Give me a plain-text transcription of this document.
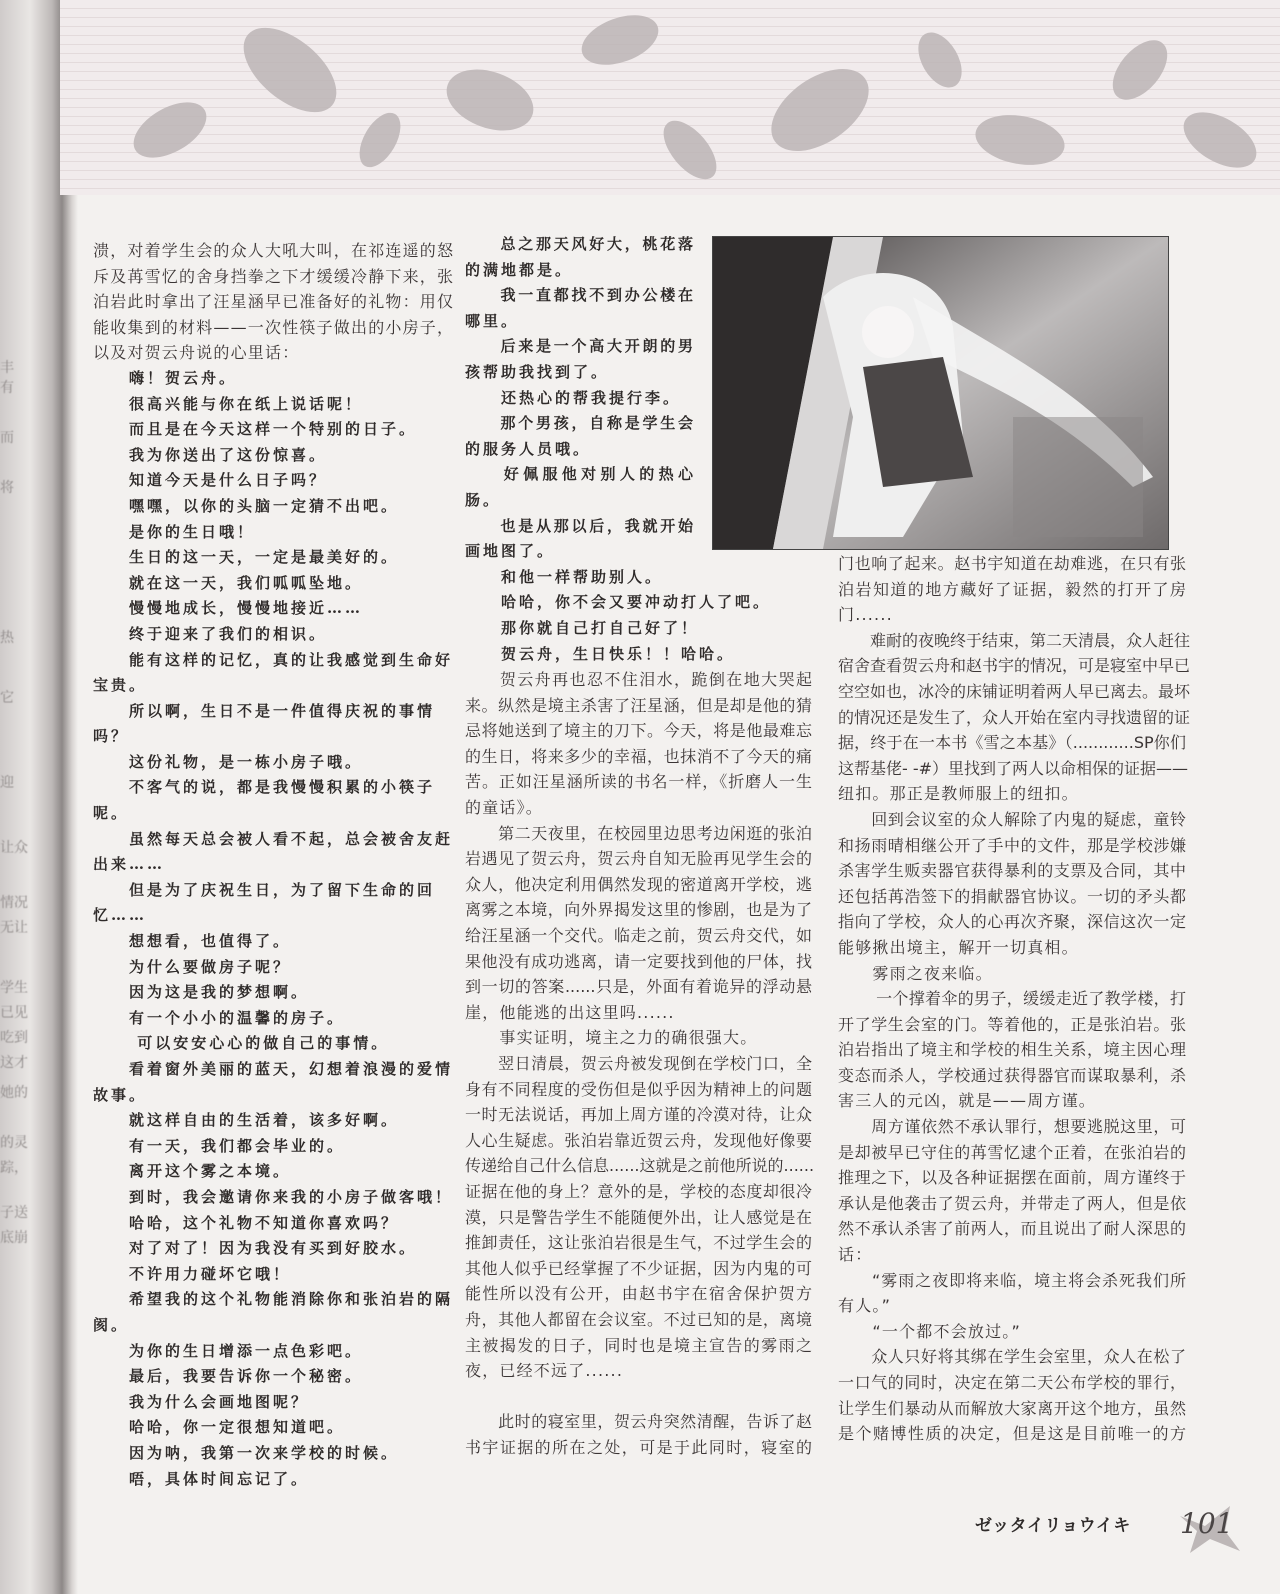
丰
有
而
将
热
它
迎
让众
情况
无让
学生
已见
吃到
这才
她的
的灵
踪，
子送
底崩
溃，对着学生会的众人大吼大叫，在祁连遥的怒
斥及苒雪忆的舍身挡拳之下才缓缓冷静下来，张
泊岩此时拿出了汪星涵早已准备好的礼物：用仅
能收集到的材料——一次性筷子做出的小房子，
以及对贺云舟说的心里话：
　　嗨！贺云舟。
　　很高兴能与你在纸上说话呢！
　　而且是在今天这样一个特别的日子。
　　我为你送出了这份惊喜。
　　知道今天是什么日子吗？
　　嘿嘿，以你的头脑一定猜不出吧。
　　是你的生日哦！
　　生日的这一天，一定是最美好的。
　　就在这一天，我们呱呱坠地。
　　慢慢地成长，慢慢地接近……
　　终于迎来了我们的相识。
　　能有这样的记忆，真的让我感觉到生命好
宝贵。
　　所以啊，生日不是一件值得庆祝的事情
吗？
　　这份礼物，是一栋小房子哦。
　　不客气的说，都是我慢慢积累的小筷子
呢。
　　虽然每天总会被人看不起，总会被舍友赶
出来……
　　但是为了庆祝生日，为了留下生命的回
忆……
　　想想看，也值得了。
　　为什么要做房子呢？
　　因为这是我的梦想啊。
　　有一个小小的温馨的房子。
　　 可以安安心心的做自己的事情。
　　看着窗外美丽的蓝天，幻想着浪漫的爱情
故事。
　　就这样自由的生活着，该多好啊。
　　有一天，我们都会毕业的。
　　离开这个雾之本境。
　　到时，我会邀请你来我的小房子做客哦！
　　哈哈，这个礼物不知道你喜欢吗？
　　对了对了！因为我没有买到好胶水。
　　不许用力碰坏它哦！
　　希望我的这个礼物能消除你和张泊岩的隔
阂。
　　为你的生日增添一点色彩吧。
　　最后，我要告诉你一个秘密。
　　我为什么会画地图呢？
　　哈哈，你一定很想知道吧。
　　因为呐，我第一次来学校的时候。
　　唔，具体时间忘记了。
　　总之那天风好大，桃花落
的满地都是。
　　我一直都找不到办公楼在
哪里。
　　后来是一个高大开朗的男
孩帮助我找到了。
　　还热心的帮我提行李。
　　那个男孩，自称是学生会
的服务人员哦。
　　好佩服他对别人的热心
肠。
　　也是从那以后，我就开始
画地图了。
　　和他一样帮助别人。
　　哈哈，你不会又要冲动打人了吧。
　　那你就自己打自己好了！
　　贺云舟，生日快乐！！哈哈。
　　贺云舟再也忍不住泪水，跪倒在地大哭起
来。纵然是境主杀害了汪星涵，但是却是他的猜
忌将她送到了境主的刀下。今天，将是他最难忘
的生日，将来多少的幸福，也抹消不了今天的痛
苦。正如汪星涵所读的书名一样，《折磨人一生
的童话》。
　　第二天夜里，在校园里边思考边闲逛的张泊
岩遇见了贺云舟，贺云舟自知无脸再见学生会的
众人，他决定利用偶然发现的密道离开学校，逃
离雾之本境，向外界揭发这里的惨剧，也是为了
给汪星涵一个交代。临走之前，贺云舟交代，如
果他没有成功逃离，请一定要找到他的尸体，找
到一切的答案......只是，外面有着诡异的浮动悬
崖，他能逃的出这里吗......
　　事实证明，境主之力的确很强大。
　　翌日清晨，贺云舟被发现倒在学校门口，全
身有不同程度的受伤但是似乎因为精神上的问题
一时无法说话，再加上周方谨的冷漠对待，让众
人心生疑虑。张泊岩靠近贺云舟，发现他好像要
传递给自己什么信息......这就是之前他所说的......
证据在他的身上？意外的是，学校的态度却很冷
漠，只是警告学生不能随便外出，让人感觉是在
推卸责任，这让张泊岩很是生气，不过学生会的
其他人似乎已经掌握了不少证据，因为内鬼的可
能性所以没有公开，由赵书宇在宿舍保护贺方
舟，其他人都留在会议室。不过已知的是，离境
主被揭发的日子，同时也是境主宣告的雾雨之
夜，已经不远了......
　　此时的寝室里，贺云舟突然清醒，告诉了赵
书宇证据的所在之处，可是于此同时，寝室的
门也响了起来。赵书宇知道在劫难逃，在只有张
泊岩知道的地方藏好了证据，毅然的打开了房
门......
　　难耐的夜晚终于结束，第二天清晨，众人赶往
宿舍查看贺云舟和赵书宇的情况，可是寝室中早已
空空如也，冰冷的床铺证明着两人早已离去。最坏
的情况还是发生了，众人开始在室内寻找遗留的证
据，终于在一本书《雪之本基》（............SP你们
这帮基佬- -#）里找到了两人以命相保的证据——
纽扣。那正是教师服上的纽扣。
　　回到会议室的众人解除了内鬼的疑虑，童铃
和扬雨晴相继公开了手中的文件，那是学校涉嫌
杀害学生贩卖器官获得暴利的支票及合同，其中
还包括苒浩签下的捐献器官协议。一切的矛头都
指向了学校，众人的心再次齐聚，深信这次一定
能够揪出境主，解开一切真相。
　　雾雨之夜来临。
　　 一个撑着伞的男子，缓缓走近了教学楼，打
开了学生会室的门。等着他的，正是张泊岩。张
泊岩指出了境主和学校的相生关系，境主因心理
变态而杀人，学校通过获得器官而谋取暴利，杀
害三人的元凶，就是——周方谨。
　　周方谨依然不承认罪行，想要逃脱这里，可
是却被早已守住的苒雪忆逮个正着，在张泊岩的
推理之下，以及各种证据摆在面前，周方谨终于
承认是他袭击了贺云舟，并带走了两人，但是依
然不承认杀害了前两人，而且说出了耐人深思的
话：
　　“雾雨之夜即将来临，境主将会杀死我们所
有人。”
　　“一个都不会放过。”
　　众人只好将其绑在学生会室里，众人在松了
一口气的同时，决定在第二天公布学校的罪行，
让学生们暴动从而解放大家离开这个地方，虽然
是个赌博性质的决定，但是这是目前唯一的方
ゼッタイリョウイキ 101
